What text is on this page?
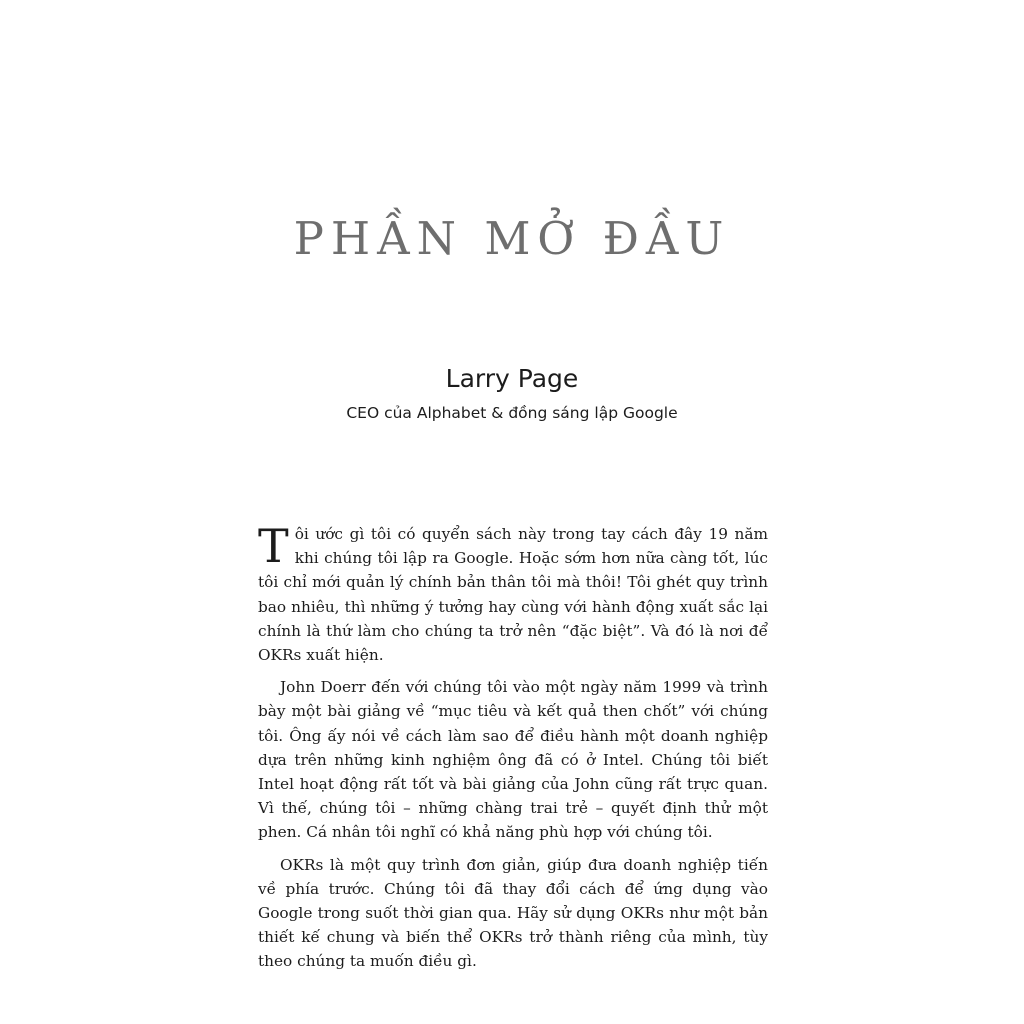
PHẦN MỞ ĐẦU
Larry Page
CEO của Alphabet & đồng sáng lập Google

Tôi ước gì tôi có quyển sách này trong tay cách đây 19 năm khi chúng tôi lập ra Google. Hoặc sớm hơn nữa càng tốt, lúc tôi chỉ mới quản lý chính bản thân tôi mà thôi! Tôi ghét quy trình bao nhiêu, thì những ý tưởng hay cùng với hành động xuất sắc lại chính là thứ làm cho chúng ta trở nên “đặc biệt”. Và đó là nơi để OKRs xuất hiện.

John Doerr đến với chúng tôi vào một ngày năm 1999 và trình bày một bài giảng về “mục tiêu và kết quả then chốt” với chúng tôi. Ông ấy nói về cách làm sao để điều hành một doanh nghiệp dựa trên những kinh nghiệm ông đã có ở Intel. Chúng tôi biết Intel hoạt động rất tốt và bài giảng của John cũng rất trực quan. Vì thế, chúng tôi – những chàng trai trẻ – quyết định thử một phen. Cá nhân tôi nghĩ có khả năng phù hợp với chúng tôi.

OKRs là một quy trình đơn giản, giúp đưa doanh nghiệp tiến về phía trước. Chúng tôi đã thay đổi cách để ứng dụng vào Google trong suốt thời gian qua. Hãy sử dụng OKRs như một bản thiết kế chung và biến thể OKRs trở thành riêng của mình, tùy theo chúng ta muốn điều gì.
